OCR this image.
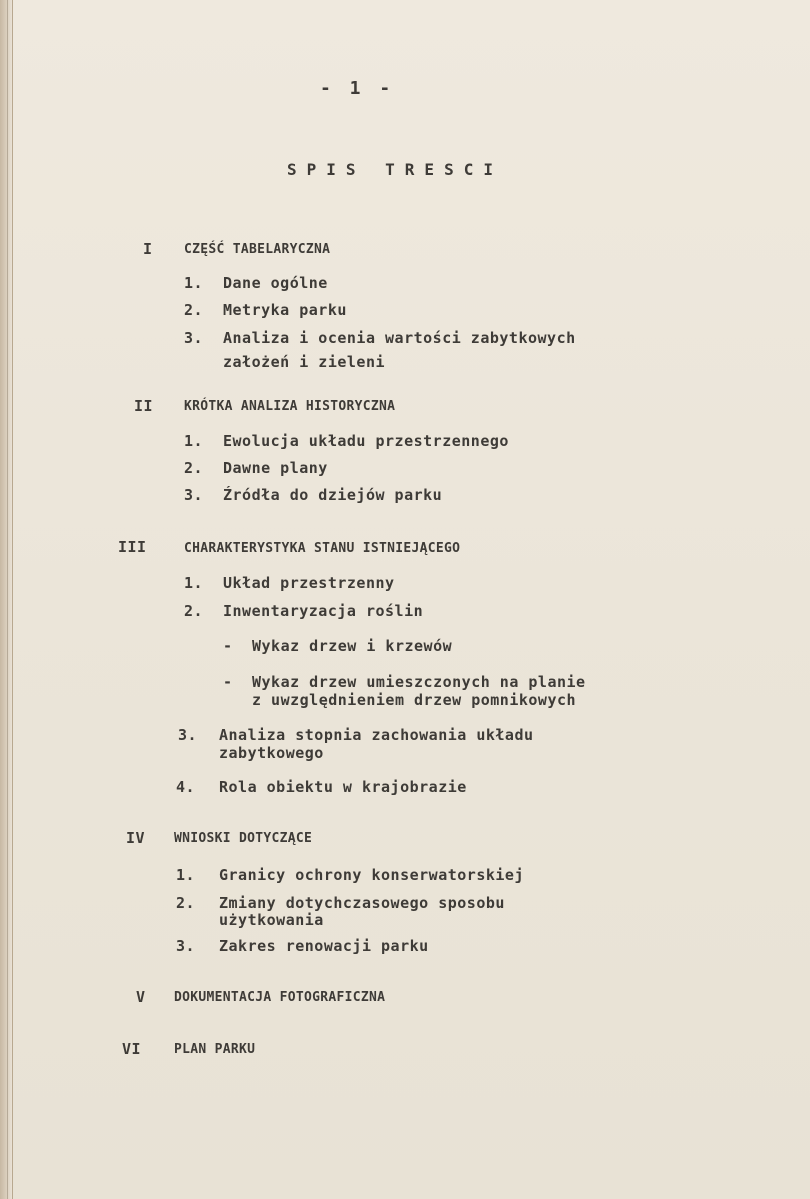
- 1 -
SPIS TRESCI
I CZĘŚĆ TABELARYCZNA
1. Dane ogólne
2. Metryka parku
3. Analiza i ocenia wartości zabytkowych
założeń i zieleni
II KRÓTKA ANALIZA HISTORYCZNA
1. Ewolucja układu przestrzennego
2. Dawne plany
3. Źródła do dziejów parku
III	CHARAKTERYSTYKA STANU ISTNIEJĄCEGO
1. Układ przestrzenny
2. Inwentaryzacja roślin
- Wykaz drzew i krzewów
- Wykaz drzew umieszczonych na planie
z uwzględnieniem drzew pomnikowych
3. Analiza stopnia zachowania układu
zabytkowego
4. Rola obiektu w krajobrazie
IV WNIOSKI DOTYCZĄCE
1. Granicy ochrony konserwatorskiej
2. Zmiany dotychczasowego sposobu
użytkowania
3. Zakres renowacji parku
V DOKUMENTACJA FOTOGRAFICZNA
VI	PLAN PARKU
